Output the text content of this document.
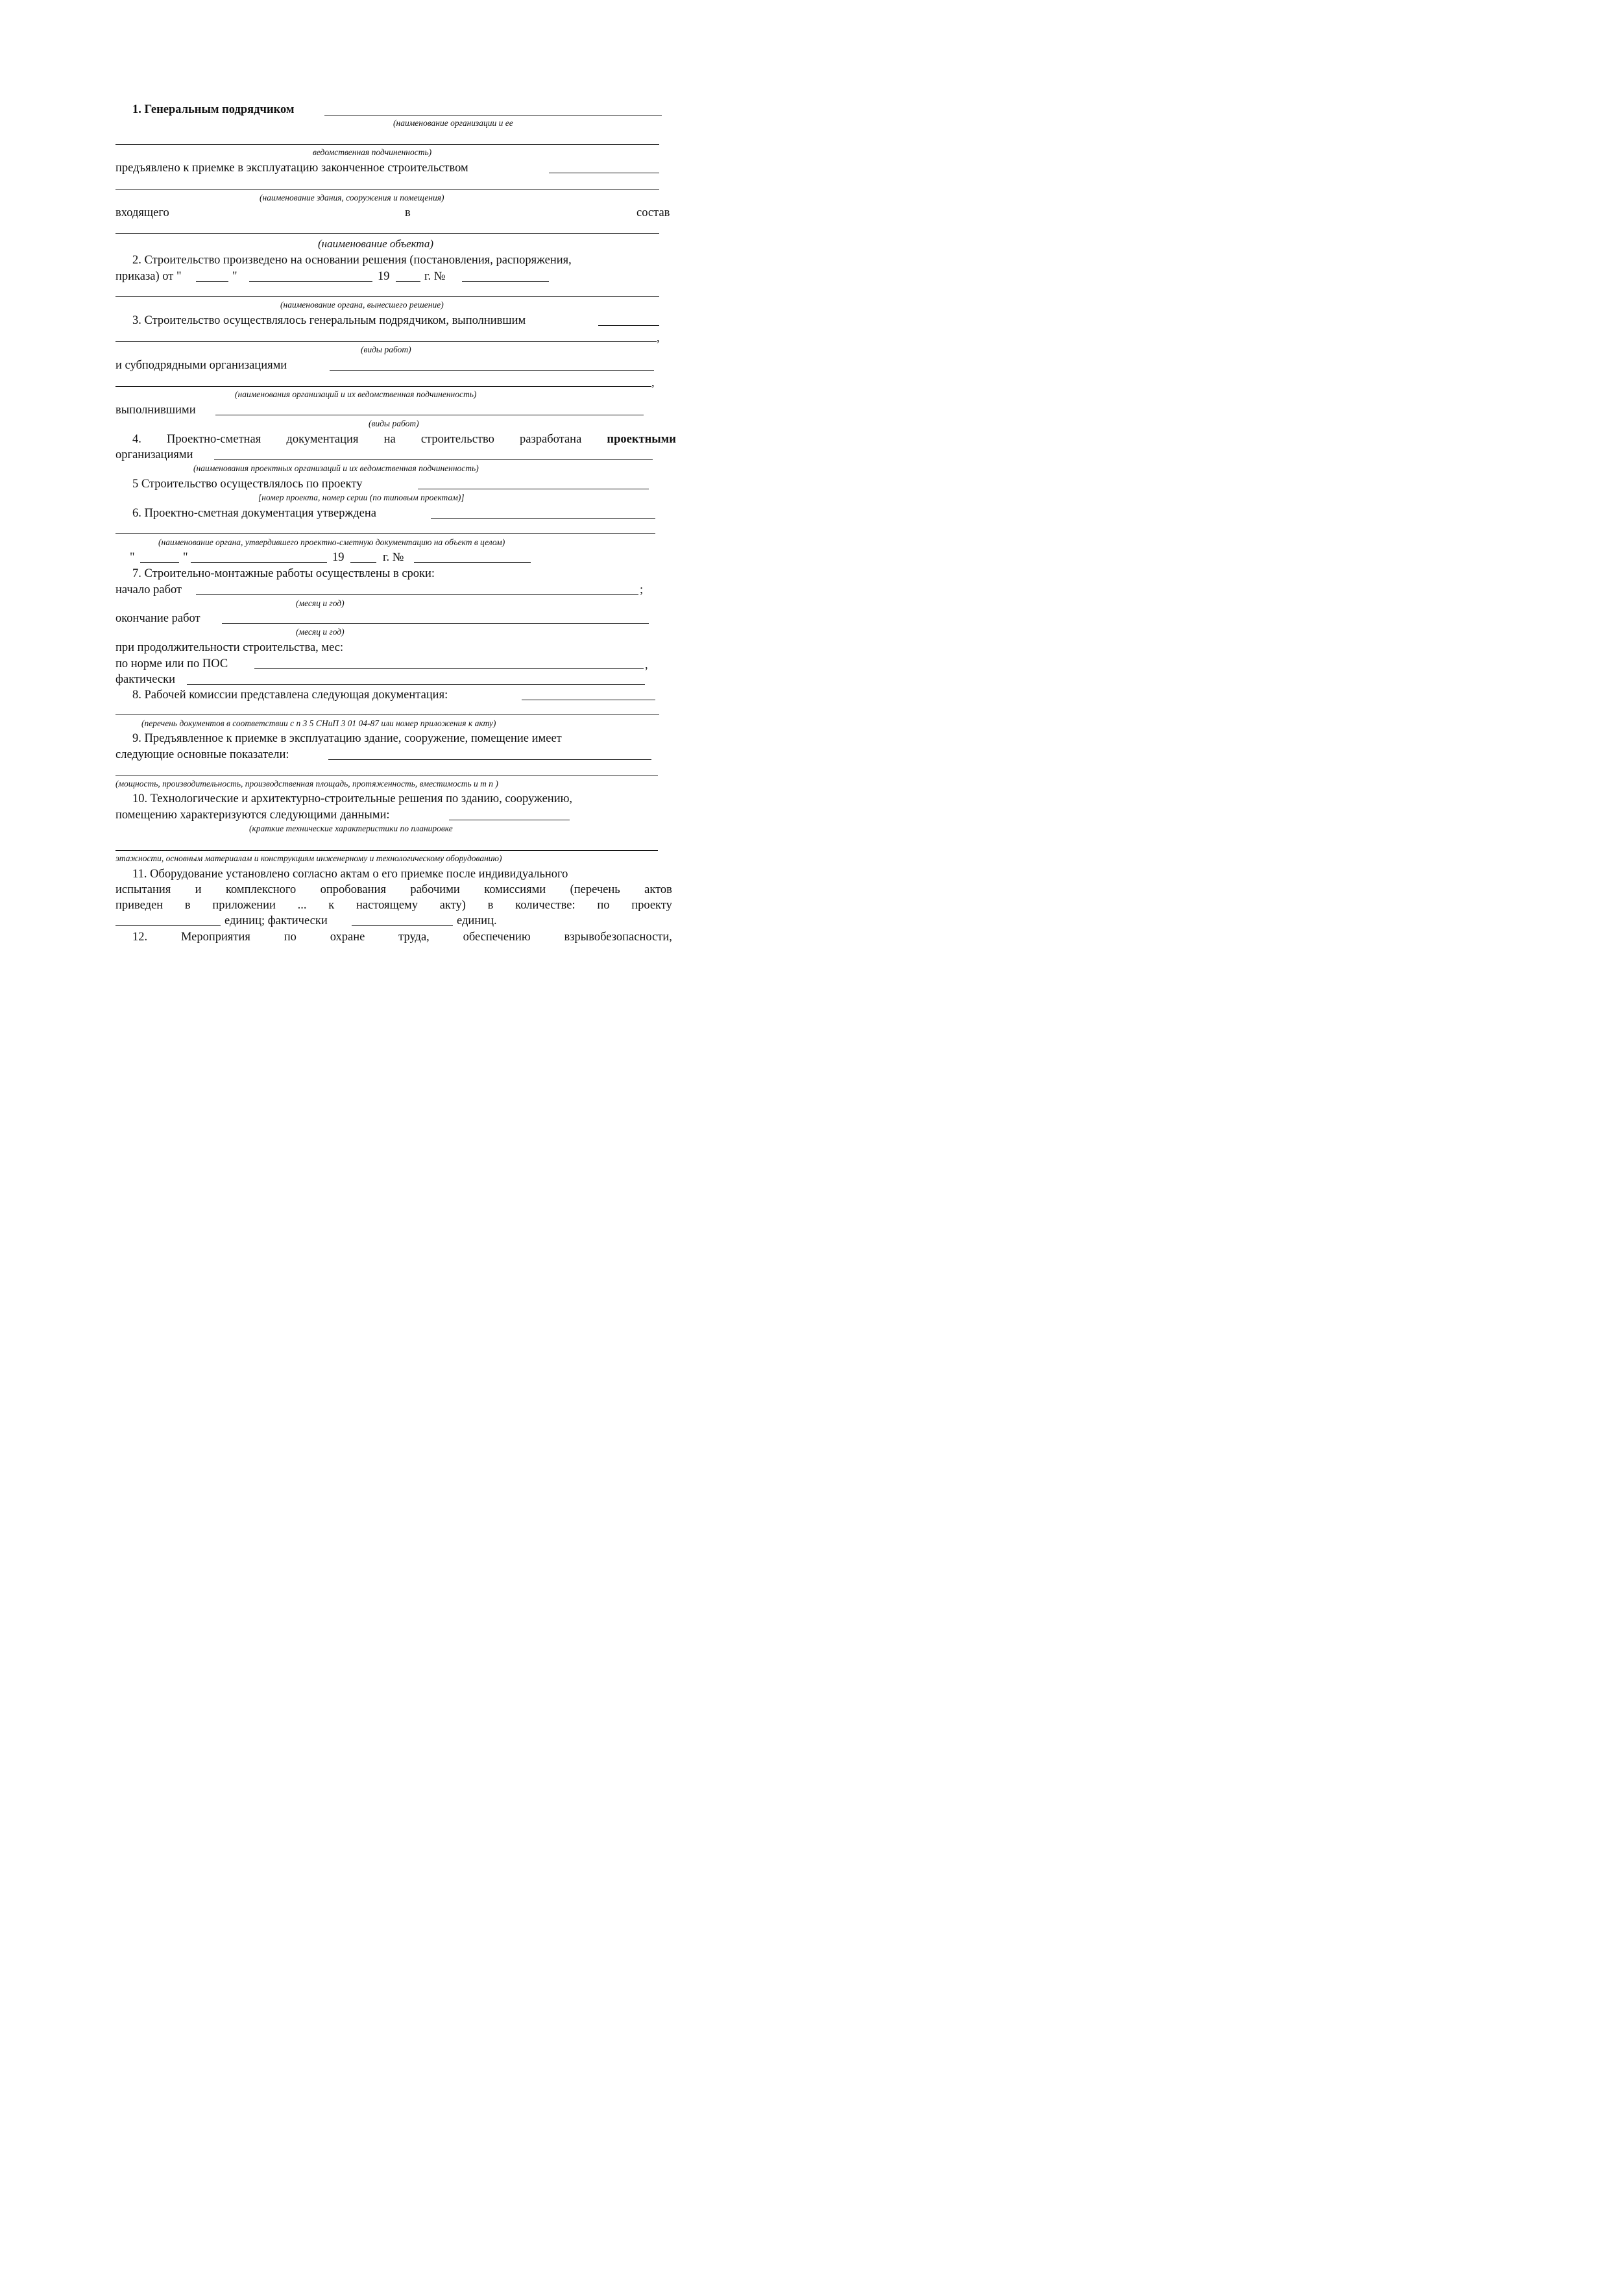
1. Генеральным подрядчиком
(наименование организации и ее
ведомственная подчиненность)
предъявлено к приемке в эксплуатацию законченное строительством
(наименование здания, сооружения и помещения)
входящего	в	состав
(наименование объекта)
2. Строительство произведено на основании решения (постановления, распоряжения,
приказа) от "	"	19	г. №
(наименование органа, вынесшего решение)
3. Строительство осуществлялось генеральным подрядчиком, выполнившим
,
(виды работ)
и субподрядными организациями
,
(наименования организаций и их ведомственная подчиненность)
выполнившими
(виды работ)
4. Проектно-сметная документация на строительство разработана проектными
организациями
(наименования проектных организаций и их ведомственная подчиненность)
5 Строительство осуществлялось по проекту
[номер проекта, номер серии (по типовым проектам)]
6. Проектно-сметная документация утверждена
(наименование органа, утвердившего проектно-сметную документацию на объект в целом)
"	"	19	г. №
7. Строительно-монтажные работы осуществлены в сроки:
начало работ	;
(месяц и год)
окончание работ
(месяц и год)
при продолжительности строительства, мес:
по норме или по ПОС	,
фактически
8. Рабочей комиссии представлена следующая документация:
(перечень документов в соответствии с п 3 5 СНиП 3 01 04-87 или номер приложения к акту)
9. Предъявленное к приемке в эксплуатацию здание, сооружение, помещение имеет
следующие основные показатели:
(мощность, производительность, производственная площадь, протяженность, вместимость и т п )
10. Технологические и архитектурно-строительные решения по зданию, сооружению,
помещению характеризуются следующими данными:
(краткие технические характеристики по планировке
этажности, основным материалам и конструкциям инженерному и технологическому оборудованию)
11. Оборудование установлено согласно актам о его приемке после индивидуального
испытания и комплексного опробования рабочими комиссиями (перечень актов
приведен в приложении ... к настоящему акту) в количестве: по проекту
единиц; фактически	единиц.
12.	Мероприятия	по	охране	труда,	обеспечению	взрывобезопасности,
